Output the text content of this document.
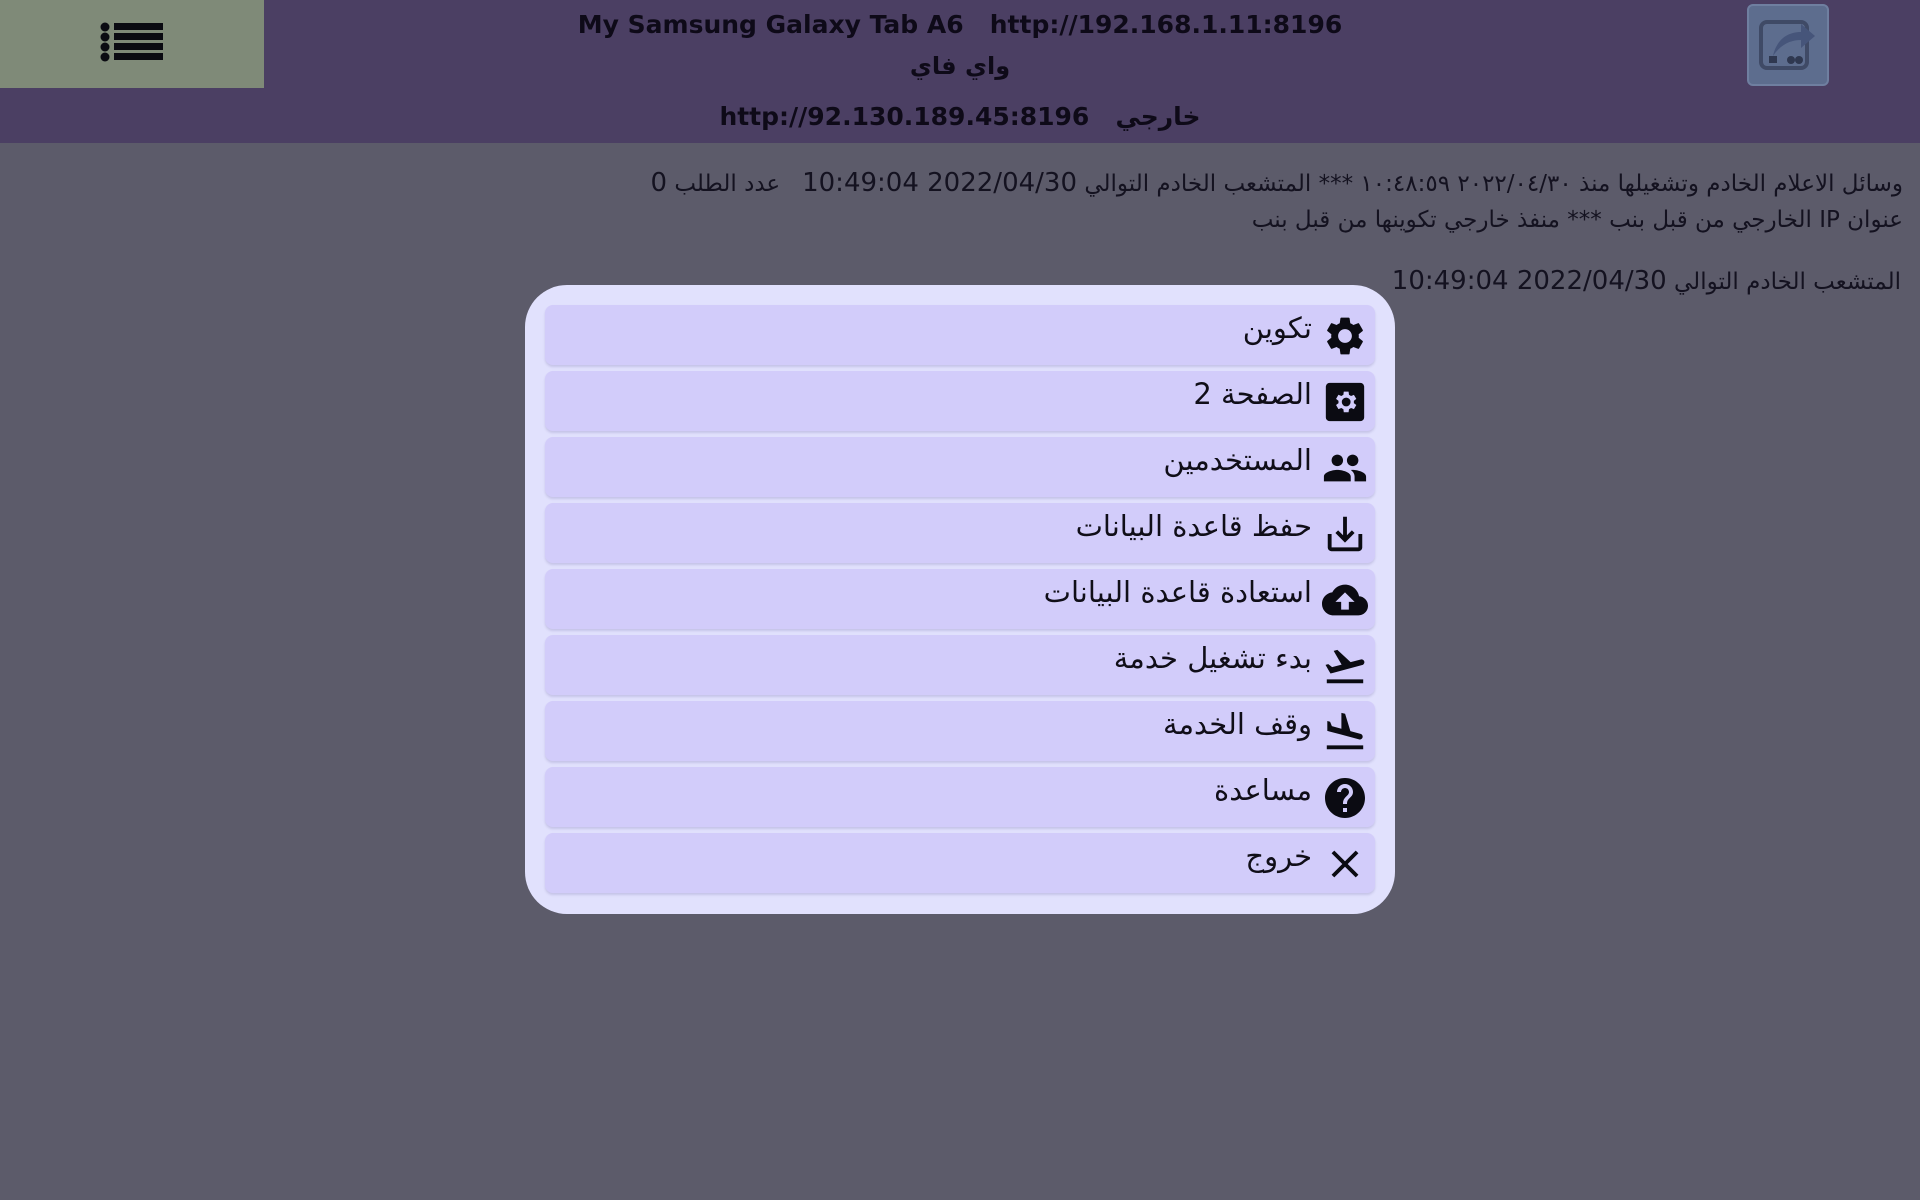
My Samsung Galaxy Tab A6   http://192.168.1.11:8196
واي فاي
http://92.130.189.45:8196 خارجي
وسائل الاعلام الخادم وتشغيلها منذ ٢٠٢٢/٠٤/٣٠ ١٠:٤٨:٥٩ *** المتشعب الخادم التوالي 2022/04/30 10:49:04   عدد الطلب 0
عنوان IP الخارجي من قبل بنب *** منفذ خارجي تكوينها من قبل بنب
المتشعب الخادم التوالي 2022/04/30 10:49:04
تكوين
الصفحة 2
المستخدمين
حفظ قاعدة البيانات
استعادة قاعدة البيانات
بدء تشغيل خدمة
وقف الخدمة
مساعدة
خروج
